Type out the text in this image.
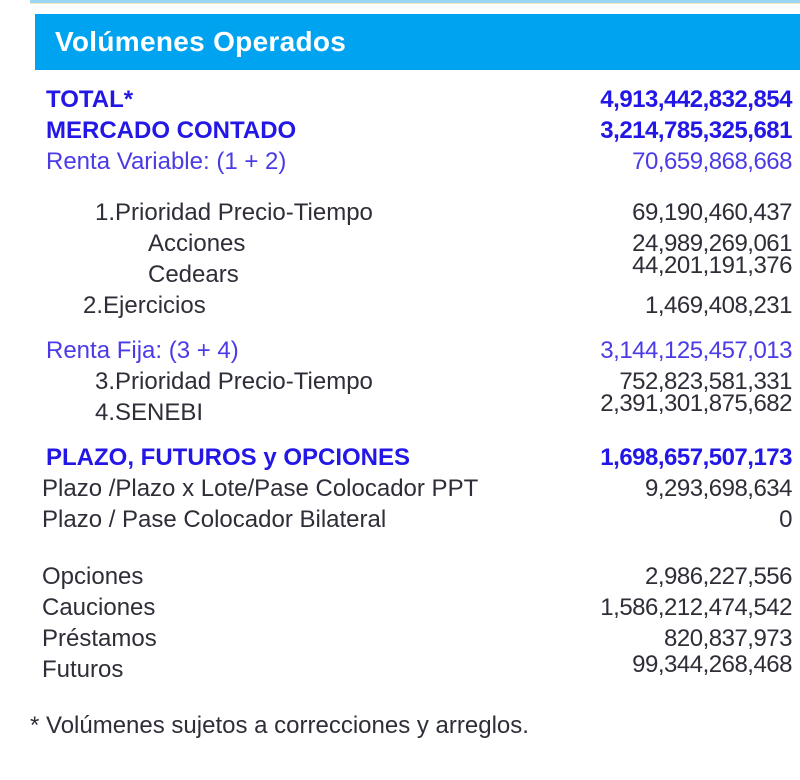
Volúmenes Operados
TOTAL*	4,913,442,832,854
MERCADO CONTADO	3,214,785,325,681
Renta Variable: (1 + 2)	70,659,868,668
1.Prioridad Precio-Tiempo	69,190,460,437
Acciones	24,989,269,061
Cedears	44,201,191,376
2.Ejercicios	1,469,408,231
Renta Fija: (3 + 4)	3,144,125,457,013
3.Prioridad Precio-Tiempo	752,823,581,331
4.SENEBI	2,391,301,875,682
PLAZO, FUTUROS y OPCIONES	1,698,657,507,173
Plazo /Plazo x Lote/Pase Colocador PPT	9,293,698,634
Plazo / Pase Colocador Bilateral	0
Opciones	2,986,227,556
Cauciones	1,586,212,474,542
Préstamos	820,837,973
Futuros	99,344,268,468
* Volúmenes sujetos a correcciones y arreglos.
